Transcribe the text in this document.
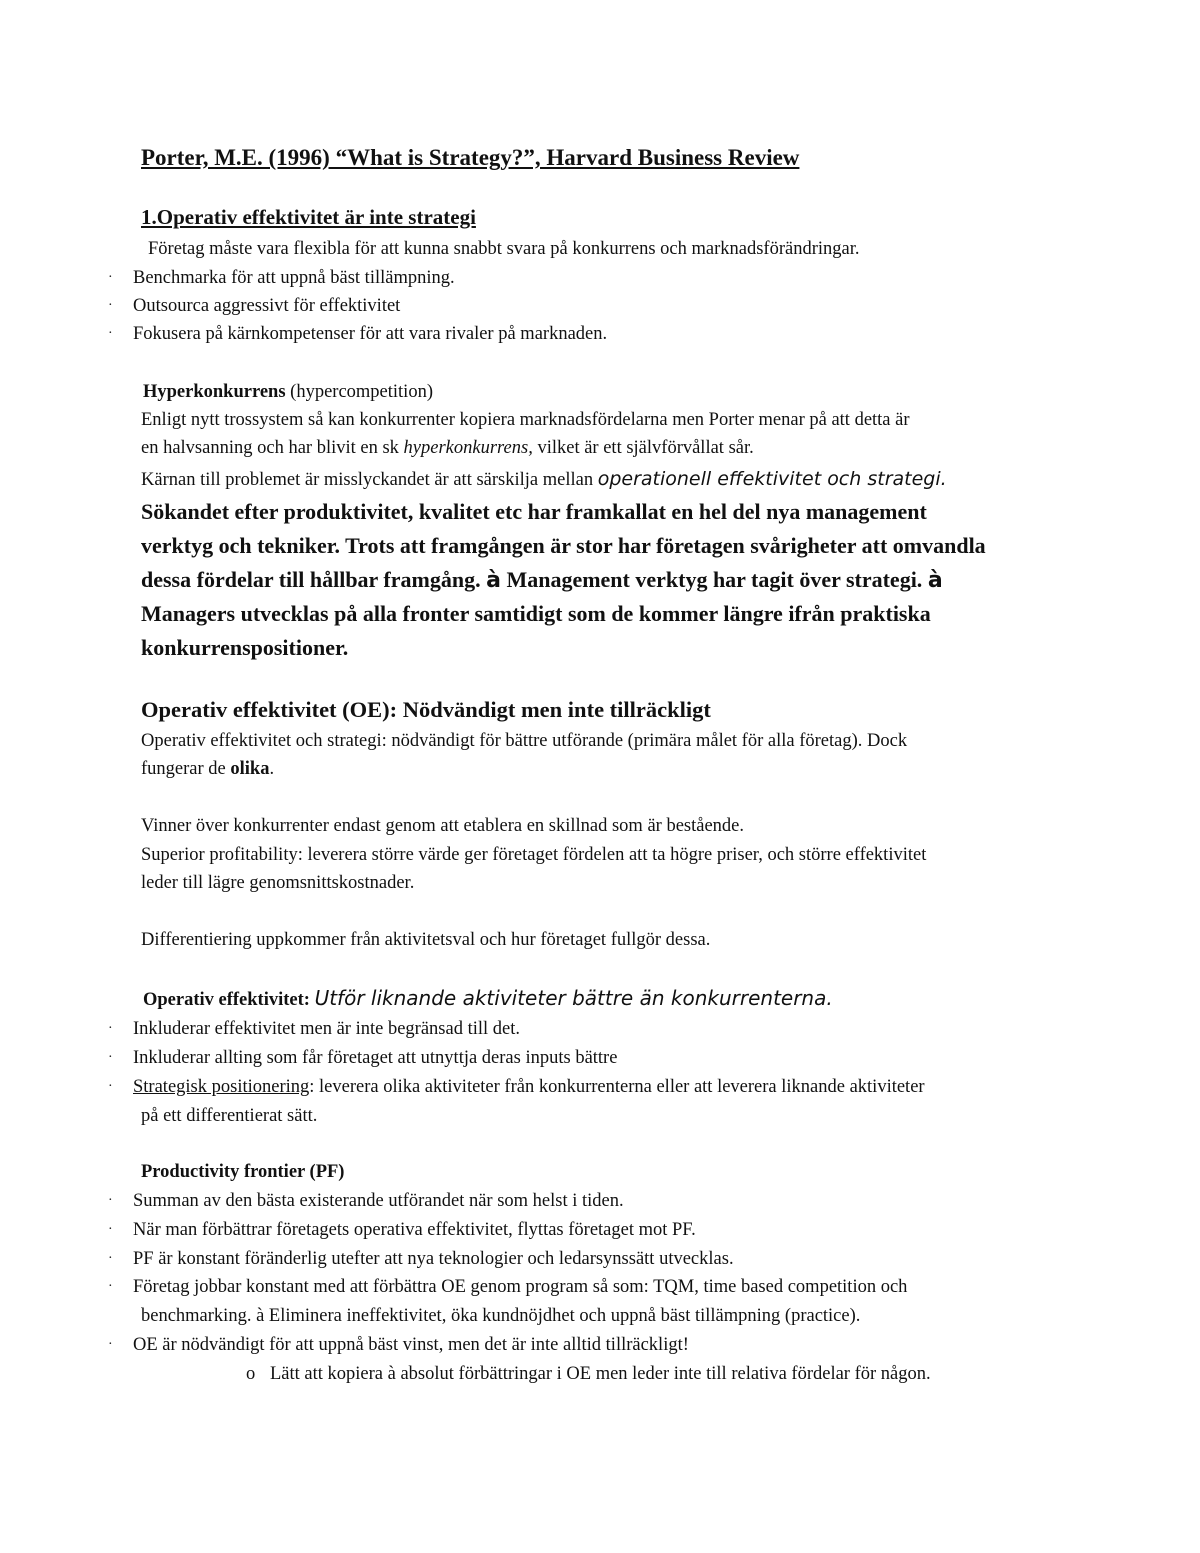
Porter, M.E. (1996) “What is Strategy?”, Harvard Business Review
1.Operativ effektivitet är inte strategi
Företag måste vara flexibla för att kunna snabbt svara på konkurrens och marknadsförändringar.
· Benchmarka för att uppnå bäst tillämpning.
· Outsourca aggressivt för effektivitet
· Fokusera på kärnkompetenser för att vara rivaler på marknaden.
Hyperkonkurrens (hypercompetition)
Enligt nytt trossystem så kan konkurrenter kopiera marknadsfördelarna men Porter menar på att detta är
en halvsanning och har blivit en sk hyperkonkurrens, vilket är ett självförvållat sår.
Kärnan till problemet är misslyckandet är att särskilja mellan operationell effektivitet och strategi.
Sökandet efter produktivitet, kvalitet etc har framkallat en hel del nya management
verktyg och tekniker. Trots att framgången är stor har företagen svårigheter att omvandla
dessa fördelar till hållbar framgång. à Management verktyg har tagit över strategi. à
Managers utvecklas på alla fronter samtidigt som de kommer längre ifrån praktiska
konkurrenspositioner.
Operativ effektivitet (OE): Nödvändigt men inte tillräckligt
Operativ effektivitet och strategi: nödvändigt för bättre utförande (primära målet för alla företag). Dock
fungerar de olika.
Vinner över konkurrenter endast genom att etablera en skillnad som är bestående.
Superior profitability: leverera större värde ger företaget fördelen att ta högre priser, och större effektivitet
leder till lägre genomsnittskostnader.
Differentiering uppkommer från aktivitetsval och hur företaget fullgör dessa.
Operativ effektivitet: Utför liknande aktiviteter bättre än konkurrenterna.
· Inkluderar effektivitet men är inte begränsad till det.
· Inkluderar allting som får företaget att utnyttja deras inputs bättre
· Strategisk positionering: leverera olika aktiviteter från konkurrenterna eller att leverera liknande aktiviteter
på ett differentierat sätt.
Productivity frontier (PF)
· Summan av den bästa existerande utförandet när som helst i tiden.
· När man förbättrar företagets operativa effektivitet, flyttas företaget mot PF.
· PF är konstant föränderlig utefter att nya teknologier och ledarsynssätt utvecklas.
· Företag jobbar konstant med att förbättra OE genom program så som: TQM, time based competition och
benchmarking. à Eliminera ineffektivitet, öka kundnöjdhet och uppnå bäst tillämpning (practice).
· OE är nödvändigt för att uppnå bäst vinst, men det är inte alltid tillräckligt!
o Lätt att kopiera à absolut förbättringar i OE men leder inte till relativa fördelar för någon.
